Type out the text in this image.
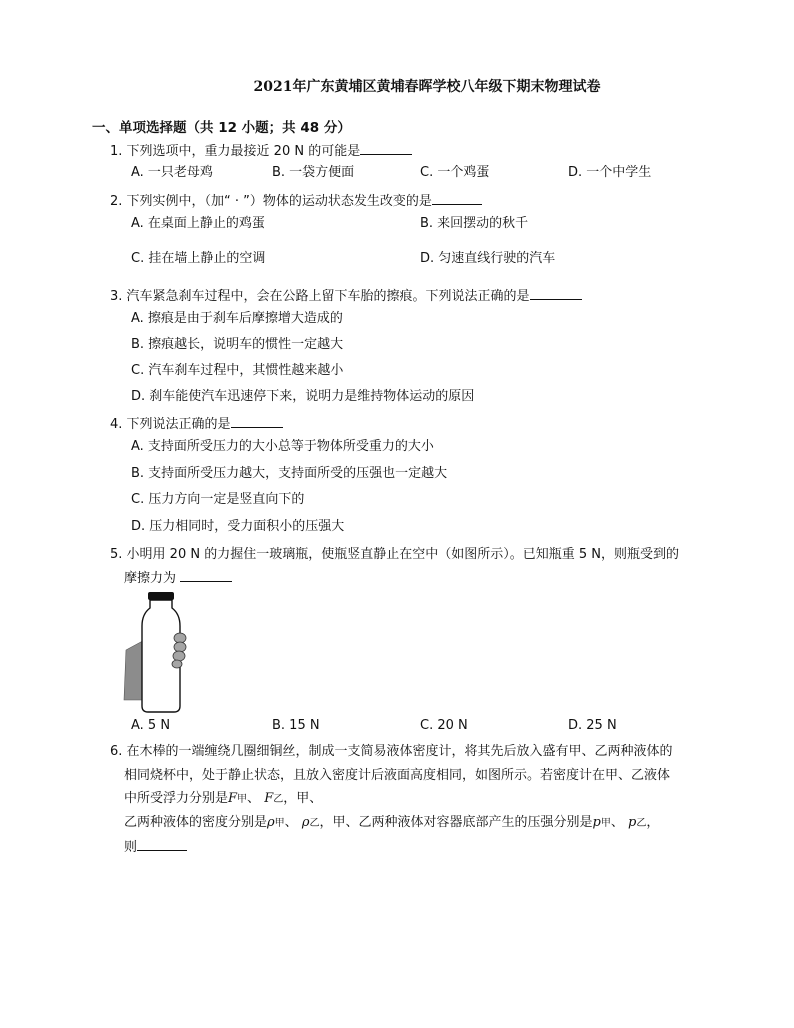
2021年广东黄埔区黄埔春晖学校八年级下期末物理试卷
一、单项选择题（共 12 小题；共 48 分）
1. 下列选项中，重力最接近 20 N 的可能是
A. 一只老母鸡	B. 一袋方便面	C. 一个鸡蛋	D. 一个中学生
2. 下列实例中，（加“ · ”）物体的运动状态发生改变的是
A. 在桌面上静止的鸡蛋	B. 来回摆动的秋千
C. 挂在墙上静止的空调	D. 匀速直线行驶的汽车
3. 汽车紧急刹车过程中，会在公路上留下车胎的擦痕。下列说法正确的是
A. 擦痕是由于刹车后摩擦增大造成的
B. 擦痕越长，说明车的惯性一定越大
C. 汽车刹车过程中，其惯性越来越小
D. 刹车能使汽车迅速停下来，说明力是维持物体运动的原因
4. 下列说法正确的是
A. 支持面所受压力的大小总等于物体所受重力的大小
B. 支持面所受压力越大，支持面所受的压强也一定越大
C. 压力方向一定是竖直向下的
D. 压力相同时，受力面积小的压强大
5. 小明用 20 N 的力握住一玻璃瓶，使瓶竖直静止在空中（如图所示）。已知瓶重 5 N，则瓶受到的
摩擦力为
A. 5 N	B. 15 N	C. 20 N	D. 25 N
6. 在木棒的一端缠绕几圈细铜丝，制成一支简易液体密度计，将其先后放入盛有甲、乙两种液体的
相同烧杯中，处于静止状态，且放入密度计后液面高度相同，如图所示。若密度计在甲、乙液体
中所受浮力分别是F甲、 F乙，甲、
乙两种液体的密度分别是ρ甲、 ρ乙，甲、乙两种液体对容器底部产生的压强分别是p甲、 p乙，
则
